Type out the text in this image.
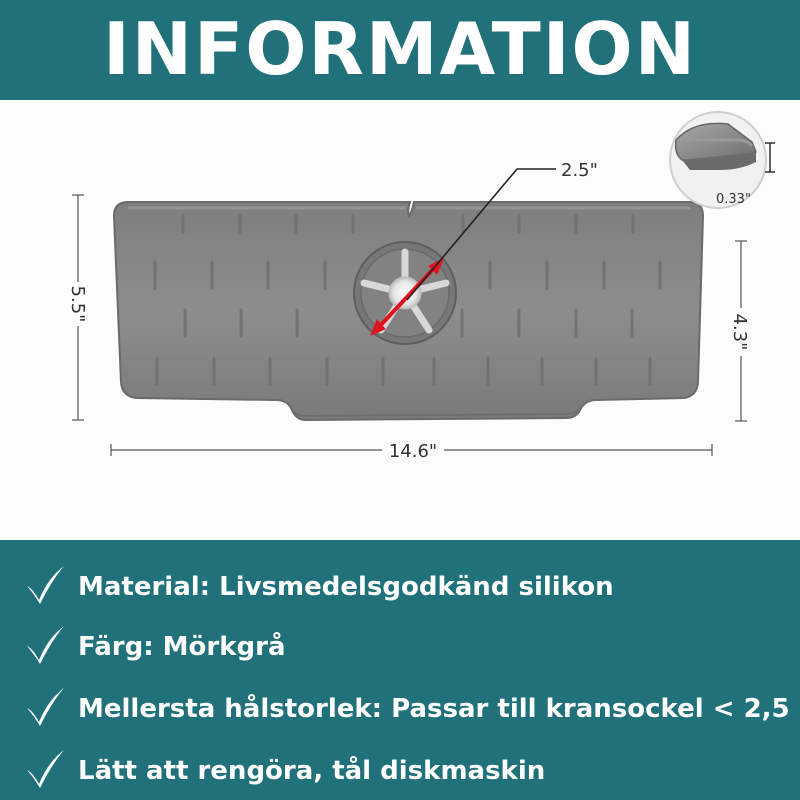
INFORMATION
2.5"
0.33"
5.5"
4.3"
14.6"
Material: Livsmedelsgodkänd silikon
Färg: Mörkgrå
Mellersta hålstorlek: Passar till kransockel < 2,5
Lätt att rengöra, tål diskmaskin
